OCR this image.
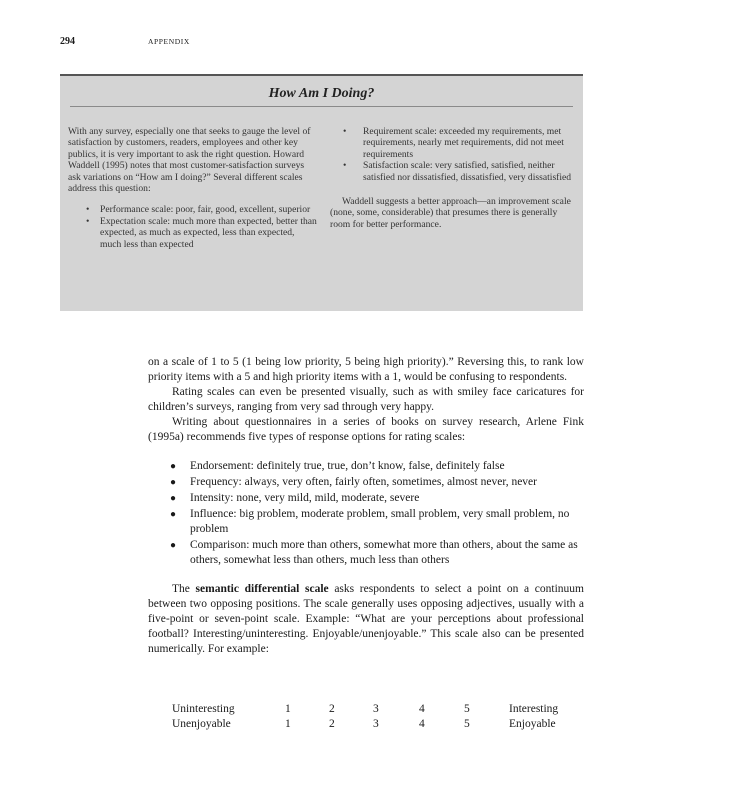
294	APPENDIX
How Am I Doing?

With any survey, especially one that seeks to gauge the level of satisfaction by customers, readers, employees and other key publics, it is very important to ask the right question. Howard Waddell (1995) notes that most customer-satisfaction surveys ask variations on “How am I doing?” Several different scales address this question:

• Performance scale: poor, fair, good, excellent, superior
• Expectation scale: much more than expected, better than expected, as much as expected, less than expected, much less than expected
• Requirement scale: exceeded my requirements, met requirements, nearly met requirements, did not meet requirements
• Satisfaction scale: very satisfied, satisfied, neither satisfied nor dissatisfied, dissatisfied, very dissatisfied

Waddell suggests a better approach—an improvement scale (none, some, considerable) that presumes there is generally room for better performance.

on a scale of 1 to 5 (1 being low priority, 5 being high priority).” Reversing this, to rank low priority items with a 5 and high priority items with a 1, would be confusing to respondents.

Rating scales can even be presented visually, such as with smiley face caricatures for children’s surveys, ranging from very sad through very happy.

Writing about questionnaires in a series of books on survey research, Arlene Fink (1995a) recommends five types of response options for rating scales:

● Endorsement: definitely true, true, don’t know, false, definitely false
● Frequency: always, very often, fairly often, sometimes, almost never, never
● Intensity: none, very mild, mild, moderate, severe
● Influence: big problem, moderate problem, small problem, very small problem, no problem
● Comparison: much more than others, somewhat more than others, about the same as others, somewhat less than others, much less than others

The semantic differential scale asks respondents to select a point on a continuum between two opposing positions. The scale generally uses opposing adjectives, usually with a five-point or seven-point scale. Example: “What are your perceptions about professional football? Interesting/uninteresting. Enjoyable/unenjoyable.” This scale also can be presented numerically. For example:

Uninteresting	1	2	3	4	5	Interesting
Unenjoyable	1	2	3	4	5	Enjoyable
